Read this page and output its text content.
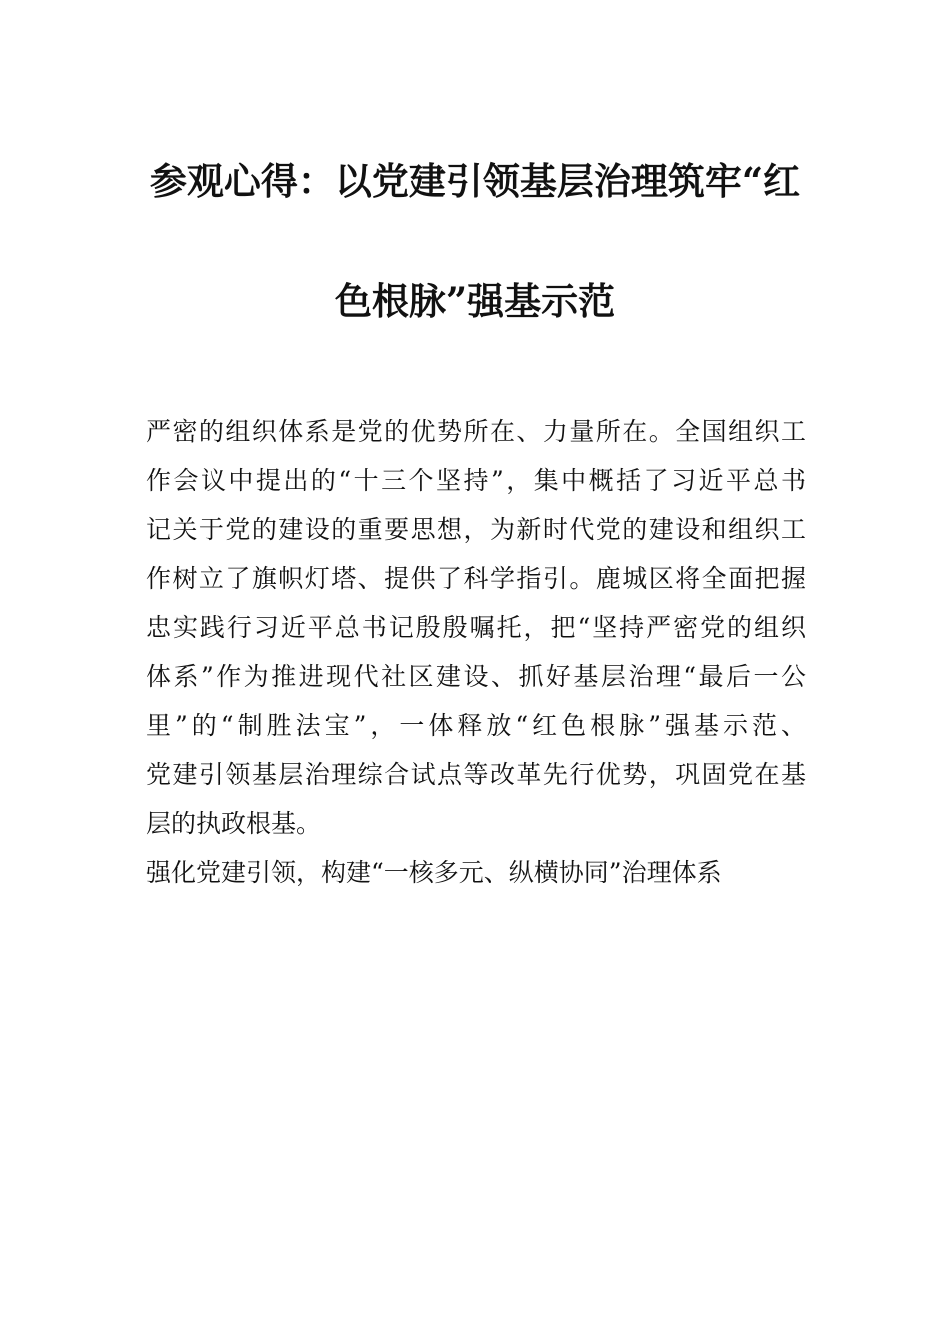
参观心得：以党建引领基层治理筑牢“红
色根脉”强基示范
严密的组织体系是党的优势所在、力量所在。全国组织工
作会议中提出的“十三个坚持”，集中概括了习近平总书
记关于党的建设的重要思想，为新时代党的建设和组织工
作树立了旗帜灯塔、提供了科学指引。鹿城区将全面把握
忠实践行习近平总书记殷殷嘱托，把“坚持严密党的组织
体系”作为推进现代社区建设、抓好基层治理“最后一公
里”的“制胜法宝”，一体释放“红色根脉”强基示范、
党建引领基层治理综合试点等改革先行优势，巩固党在基
层的执政根基。
强化党建引领，构建“一核多元、纵横协同”治理体系
